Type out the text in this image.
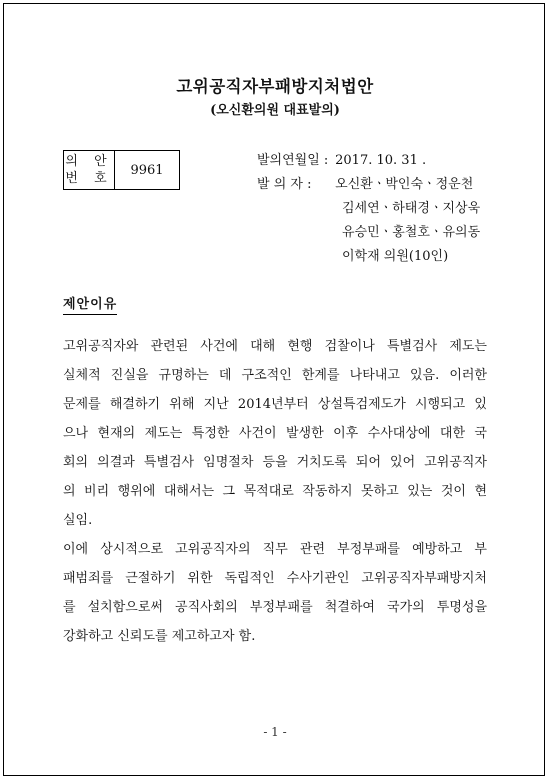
고위공직자부패방지처법안
(오신환의원 대표발의)
의 안
번 호
	9961
발의연월일 : 2017. 10. 31 .
발 의 자 : 오신환ㆍ박인숙ㆍ정운천
김세연ㆍ하태경ㆍ지상욱
유승민ㆍ홍철호ㆍ유의동
이학재 의원(10인)
제안이유
고위공직자와 관련된 사건에 대해 현행 검찰이나 특별검사 제도는
실체적 진실을 규명하는 데 구조적인 한계를 나타내고 있음. 이러한
문제를 해결하기 위해 지난 2014년부터 상설특검제도가 시행되고 있
으나 현재의 제도는 특정한 사건이 발생한 이후 수사대상에 대한 국
회의 의결과 특별검사 임명절차 등을 거치도록 되어 있어 고위공직자
의 비리 행위에 대해서는 그 목적대로 작동하지 못하고 있는 것이 현
실임.
이에 상시적으로 고위공직자의 직무 관련 부정부패를 예방하고 부
패범죄를 근절하기 위한 독립적인 수사기관인 고위공직자부패방지처
를 설치함으로써 공직사회의 부정부패를 척결하여 국가의 투명성을
강화하고 신뢰도를 제고하고자 함.
- 1 -
